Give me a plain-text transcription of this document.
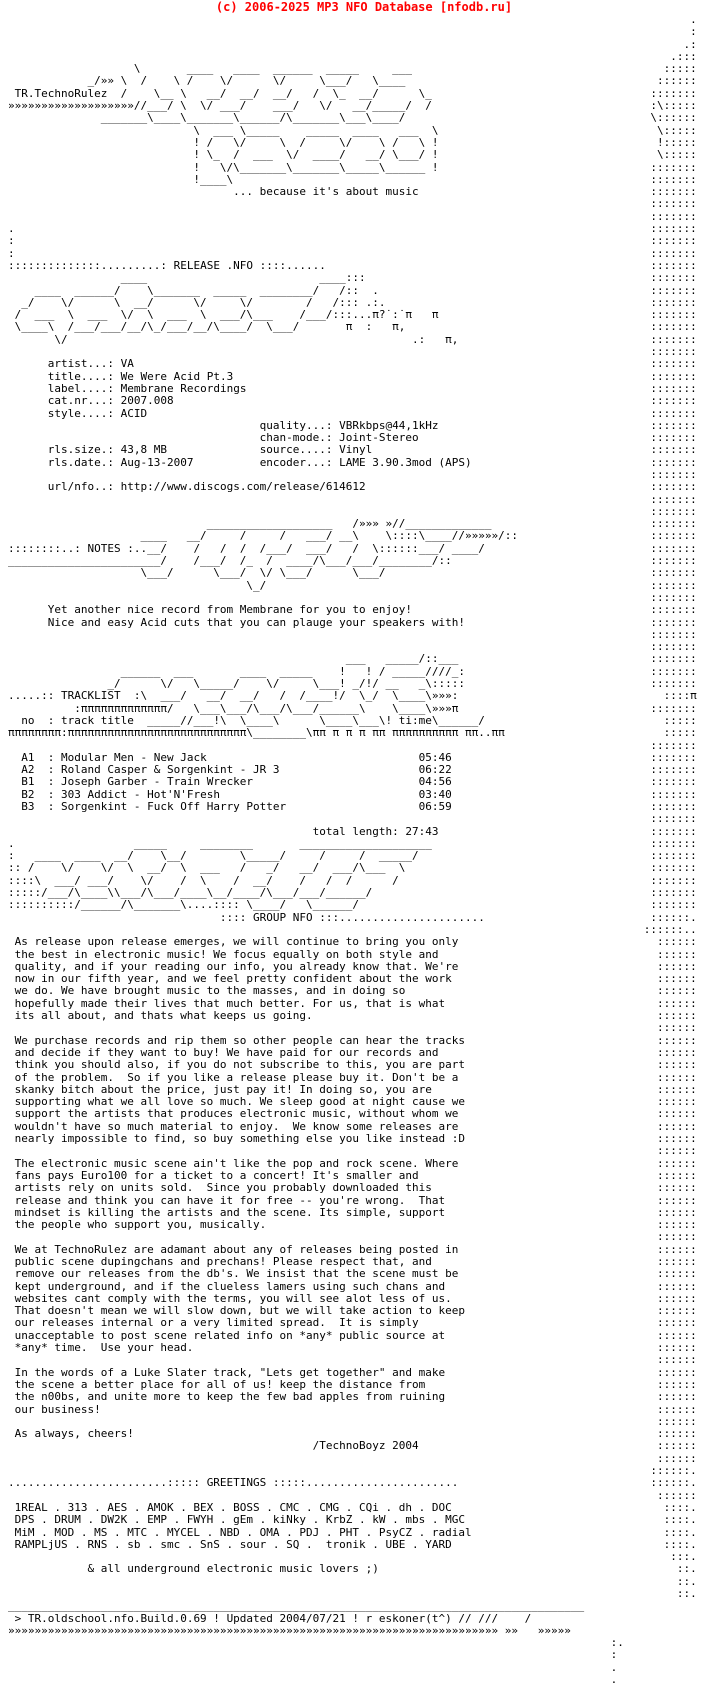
(c) 2006-2025 MP3 NFO Database [nfodb.ru]
.
:
.:
.:::
\       ____   ____  ______  _____     ___                                      :::::
_/»» \  /    \ /    \/      \/     \___/   \____                                      ::::::
TR.TechnoRulez  /    \__ \   __/  __/  __/   /  \_  __/      \_                                 :::::::
»»»»»»»»»»»»»»»»»»»//___/ \  \/ ___/    ___/   \/   __/_____/  /                                 :\:::::
_______\____\_______\______/\_______\___\____/                                     \::::::
\  ___ \_____    _____  ____   ___  \                                 \:::::
! /   \/     \  /     \/    \ /   \ !                                 !:::::
! \_  /  ___  \/  ____/   __/ \___/ !                                 \:::::
!   \/\_______\_______\_____\______ !                                :::::::
!____\                                                               :::::::
... because it's about music                                   :::::::
:::::::
:::::::
.                                                                                                :::::::
:                                                                                                :::::::
:                                                                                                :::::::
::::::::::::::.........: RELEASE .NFO ::::......                                                 :::::::
____                          ____:::                                           :::::::
____  ______/    \_______  _____  ________/   /::  .                                         :::::::
_/    \/      \  __/      \/     \/        /   /::: .:.                                        :::::::
/  ___  \  ___  \/  \  ___  \  ___/\___    /___/:::...π?˙:˙π   π                                :::::::
\____\  /___/___/__/\_/___/__/\____/  \___/       π  :   π,                                     :::::::
\/                                                    .:   π,                             :::::::
:::::::
artist...: VA                                                                              :::::::
title....: We Were Acid Pt.3                                                               :::::::
label....: Membrane Recordings                                                             :::::::
cat.nr...: 2007.008                                                                        :::::::
style....: ACID                                                                            :::::::
quality...: VBRkbps@44,1kHz                                :::::::
chan-mode.: Joint-Stereo                                   :::::::
rls.size.: 43,8 MB              source....: Vinyl                                          :::::::
rls.date.: Aug-13-2007          encoder...: LAME 3.90.3mod (APS)                           :::::::
:::::::
url/nfo..: http://www.discogs.com/release/614612                                           :::::::
:::::::
:::::::
___________________   /»»» »//_____________                        :::::::
____   __/     /     /   ___/ __\    \::::\____//»»»»»/::                    :::::::
::::::::..: NOTES :..__/    /   /  /  /___/  ___/   /  \::::::___/ ____/                         :::::::
_______________________/    /___/  /_  /  ____/\___/___/________/::                              :::::::
\___/      \___/  \/ \___/      \___/                                        :::::::
\_/                                                          :::::::
:::::::
Yet another nice record from Membrane for you to enjoy!                                    :::::::
Nice and easy Acid cuts that you can plauge your speakers with!                            :::::::
:::::::
:::::::
___   _____/::___                             :::::::
______  ___       ____  _____    !   ! / _____////_:                            :::::::
_/      \/   \_____/    \/     \___! _/!/ __   _\:::::                            :::::::
.....:: TRACKLIST  :\  ___/   __/  __/   /  /____!/  \_/  \____\»»»:                               ::::π
:πππππππππππππ/   \___\___/\___/\___/______\    \____\»»»π                             :::::::
no  : track title  _____//___!\  \____\      \____\___\! ti:me\______/                           :::::
ππππππππ:πππππππππππππππππππππππππππ\________\ππ π π π ππ ππππππππππ ππ..ππ                        :::::
:::::::
A1  : Modular Men - New Jack                                05:46                              :::::::
A2  : Roland Casper & Sorgenkint - JR 3                     06:22                              :::::::
B1  : Joseph Garber - Train Wrecker                         04:56                              :::::::
B2  : 303 Addict - Hot'N'Fresh                              03:40                              :::::::
B3  : Sorgenkint - Fuck Off Harry Potter                    06:59                              :::::::
:::::::
total length: 27:43                                :::::::
.                  _____     ________       ____________________                                 :::::::
:   ____  ____  __/    \__/        \_____/     /     /  _____/                                   :::::::
:: /    \/    \/  \  __/  \  ___   /   _/   __/  ___/\___  \                                     :::::::
::::\  ___/ ___/    \/    /  \    /  __/    /   /  /      /                                      :::::::
:::::/___/\____\\___/\___/____\__/____/\___/___/______/                                          :::::::
::::::::::/______/\_______\....:::: \____/   \______/                                            :::::::
:::: GROUP NFO :::......................                         ::::::.
::::::..
As release upon release emerges, we will continue to bring you only                              ::::::
the best in electronic music! We focus equally on both style and                                 ::::::
quality, and if your reading our info, you already know that. We're                              ::::::
now in our fifth year, and we feel pretty confident about the work                               ::::::
we do. We have brought music to the masses, and in doing so                                      ::::::
hopefully made their lives that much better. For us, that is what                                ::::::
its all about, and thats what keeps us going.                                                    ::::::
::::::
We purchase records and rip them so other people can hear the tracks                             ::::::
and decide if they want to buy! We have paid for our records and                                 ::::::
think you should also, if you do not subscribe to this, you are part                             ::::::
of the problem.  So if you like a release please buy it. Don't be a                              ::::::
skanky bitch about the price, just pay it! In doing so, you are                                  ::::::
supporting what we all love so much. We sleep good at night cause we                             ::::::
support the artists that produces electronic music, without whom we                              ::::::
wouldn't have so much material to enjoy.  We know some releases are                              ::::::
nearly impossible to find, so buy something else you like instead :D                             ::::::
::::::
The electronic music scene ain't like the pop and rock scene. Where                              ::::::
fans pays Euro100 for a ticket to a concert! It's smaller and                                    ::::::
artists rely on units sold.  Since you probably downloaded this                                  ::::::
release and think you can have it for free -- you're wrong.  That                                ::::::
mindset is killing the artists and the scene. Its simple, support                                ::::::
the people who support you, musically.                                                           ::::::
::::::
We at TechnoRulez are adamant about any of releases being posted in                              ::::::
public scene dupingchans and prechans! Please respect that, and                                  ::::::
remove our releases from the db's. We insist that the scene must be                              ::::::
kept underground, and if the clueless lamers using such chans and                                ::::::
websites cant comply with the terms, you will see alot less of us.                               ::::::
That doesn't mean we will slow down, but we will take action to keep                             ::::::
our releases internal or a very limited spread.  It is simply                                    ::::::
unacceptable to post scene related info on *any* public source at                                ::::::
*any* time.  Use your head.                                                                      ::::::
::::::
In the words of a Luke Slater track, "Lets get together" and make                                ::::::
the scene a better place for all of us! keep the distance from                                   ::::::
the n00bs, and unite more to keep the few bad apples from ruining                                ::::::
our business!                                                                                    ::::::
::::::
As always, cheers!                                                                               ::::::
/TechnoBoyz 2004                                    ::::::
::::::
::::::.
........................::::: GREETINGS :::::.......................                             ::::::.
::::::
1REAL . 313 . AES . AMOK . BEX . BOSS . CMC . CMG . CQi . dh . DOC                                ::::.
DPS . DRUM . DW2K . EMP . FWYH . gEm . kiNky . KrbZ . kW . mbs . MGC                              ::::.
MiM . MOD . MS . MTC . MYCEL . NBD . OMA . PDJ . PHT . PsyCZ . radial                             ::::.
RAMPLjUS . RNS . sb . smc . SnS . sour . SQ .  tronik . UBE . YARD                                ::::.
:::.
& all underground electronic music lovers ;)                                             ::.
::.
::.
_______________________________________________________________________________________
> TR.oldschool.nfo.Build.0.69 ! Updated 2004/07/21 ! r eskoner(t^) // ///    /
»»»»»»»»»»»»»»»»»»»»»»»»»»»»»»»»»»»»»»»»»»»»»»»»»»»»»»»»»»»»»»»»»»»»»»»»»» »»   »»»»»
:.
:
.
.
